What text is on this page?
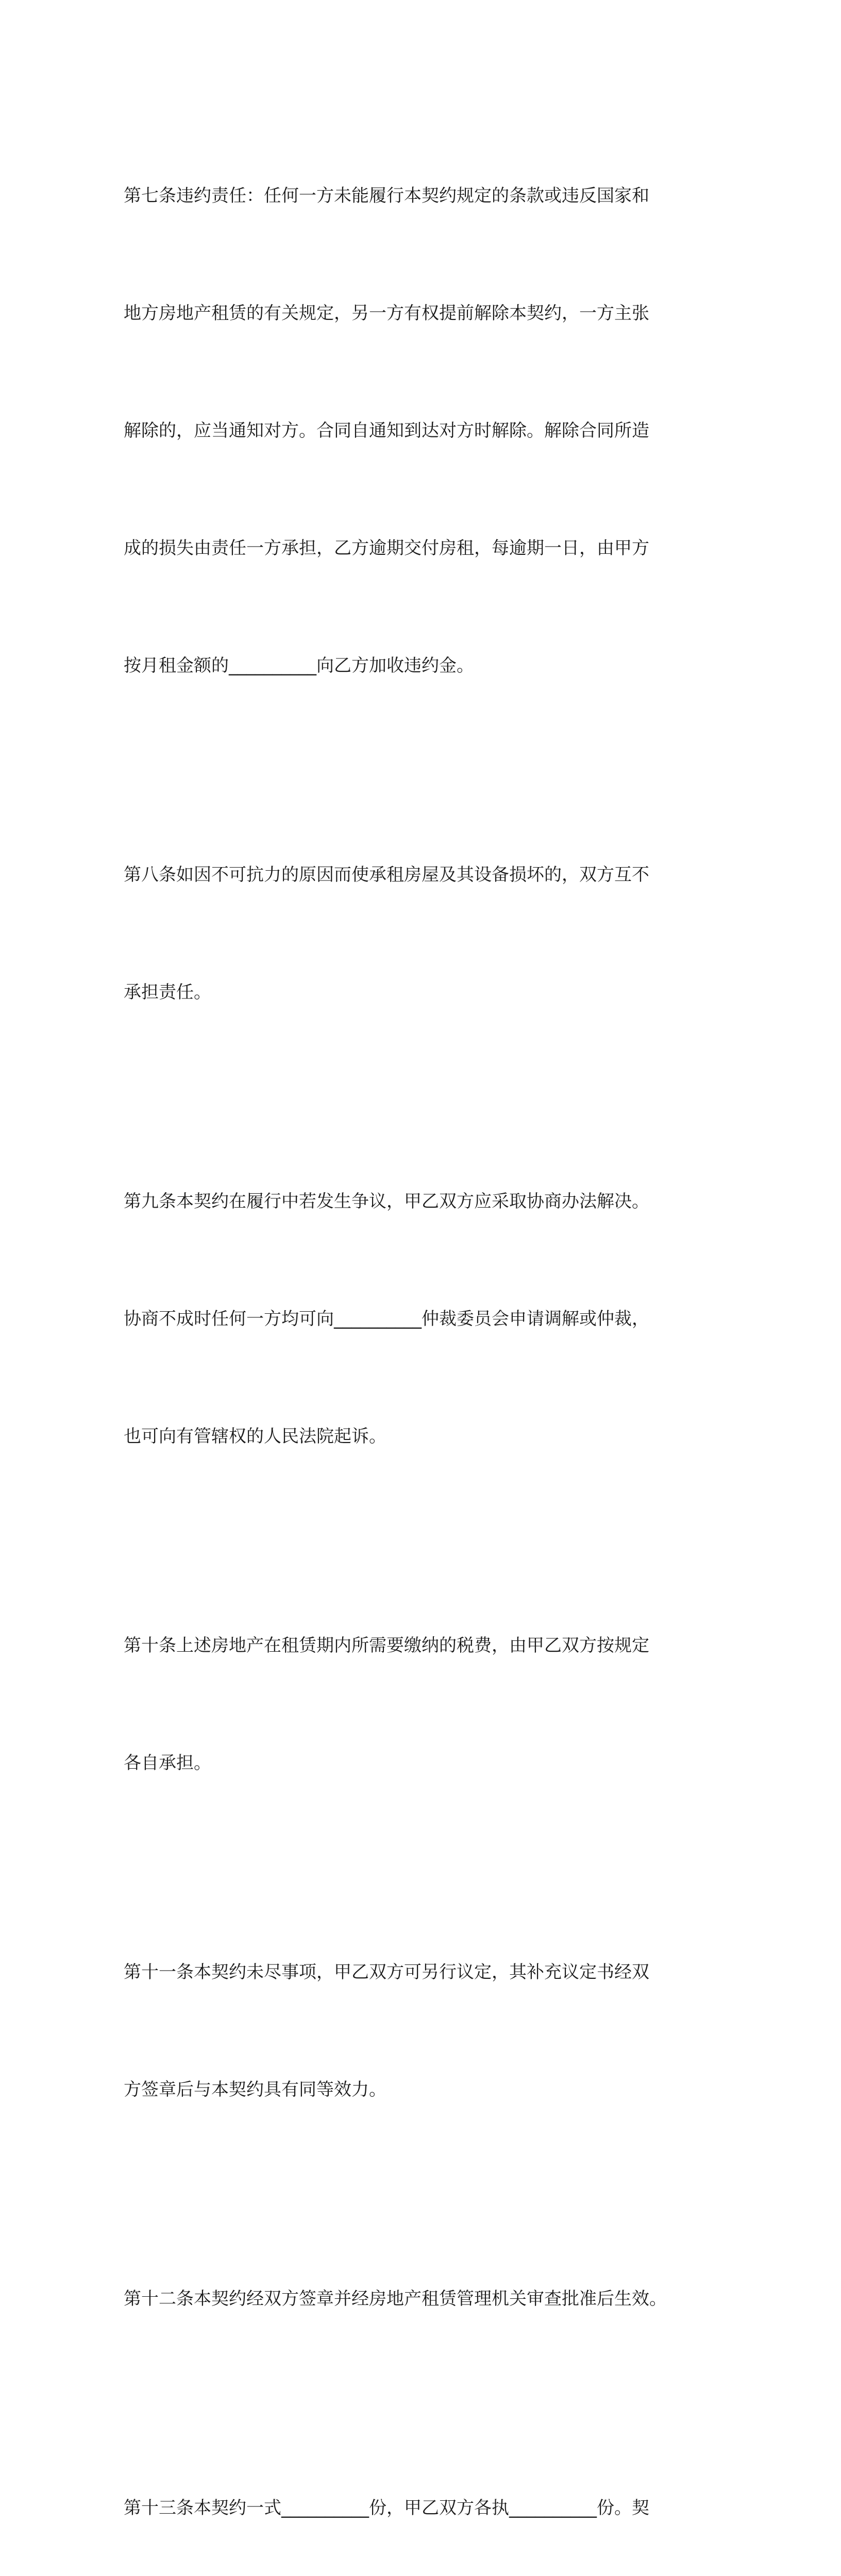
第七条违约责任：任何一方未能履行本契约规定的条款或违反国家和

地方房地产租赁的有关规定，另一方有权提前解除本契约，一方主张

解除的，应当通知对方。合同自通知到达对方时解除。解除合同所造

成的损失由责任一方承担，乙方逾期交付房租，每逾期一日，由甲方

按月租金额的__________向乙方加收违约金。

第八条如因不可抗力的原因而使承租房屋及其设备损坏的，双方互不

承担责任。

第九条本契约在履行中若发生争议，甲乙双方应采取协商办法解决。

协商不成时任何一方均可向__________仲裁委员会申请调解或仲裁，

也可向有管辖权的人民法院起诉。

第十条上述房地产在租赁期内所需要缴纳的税费，由甲乙双方按规定

各自承担。

第十一条本契约未尽事项，甲乙双方可另行议定，其补充议定书经双

方签章后与本契约具有同等效力。

第十二条本契约经双方签章并经房地产租赁管理机关审查批准后生效。

第十三条本契约一式__________份，甲乙双方各执__________份。契
